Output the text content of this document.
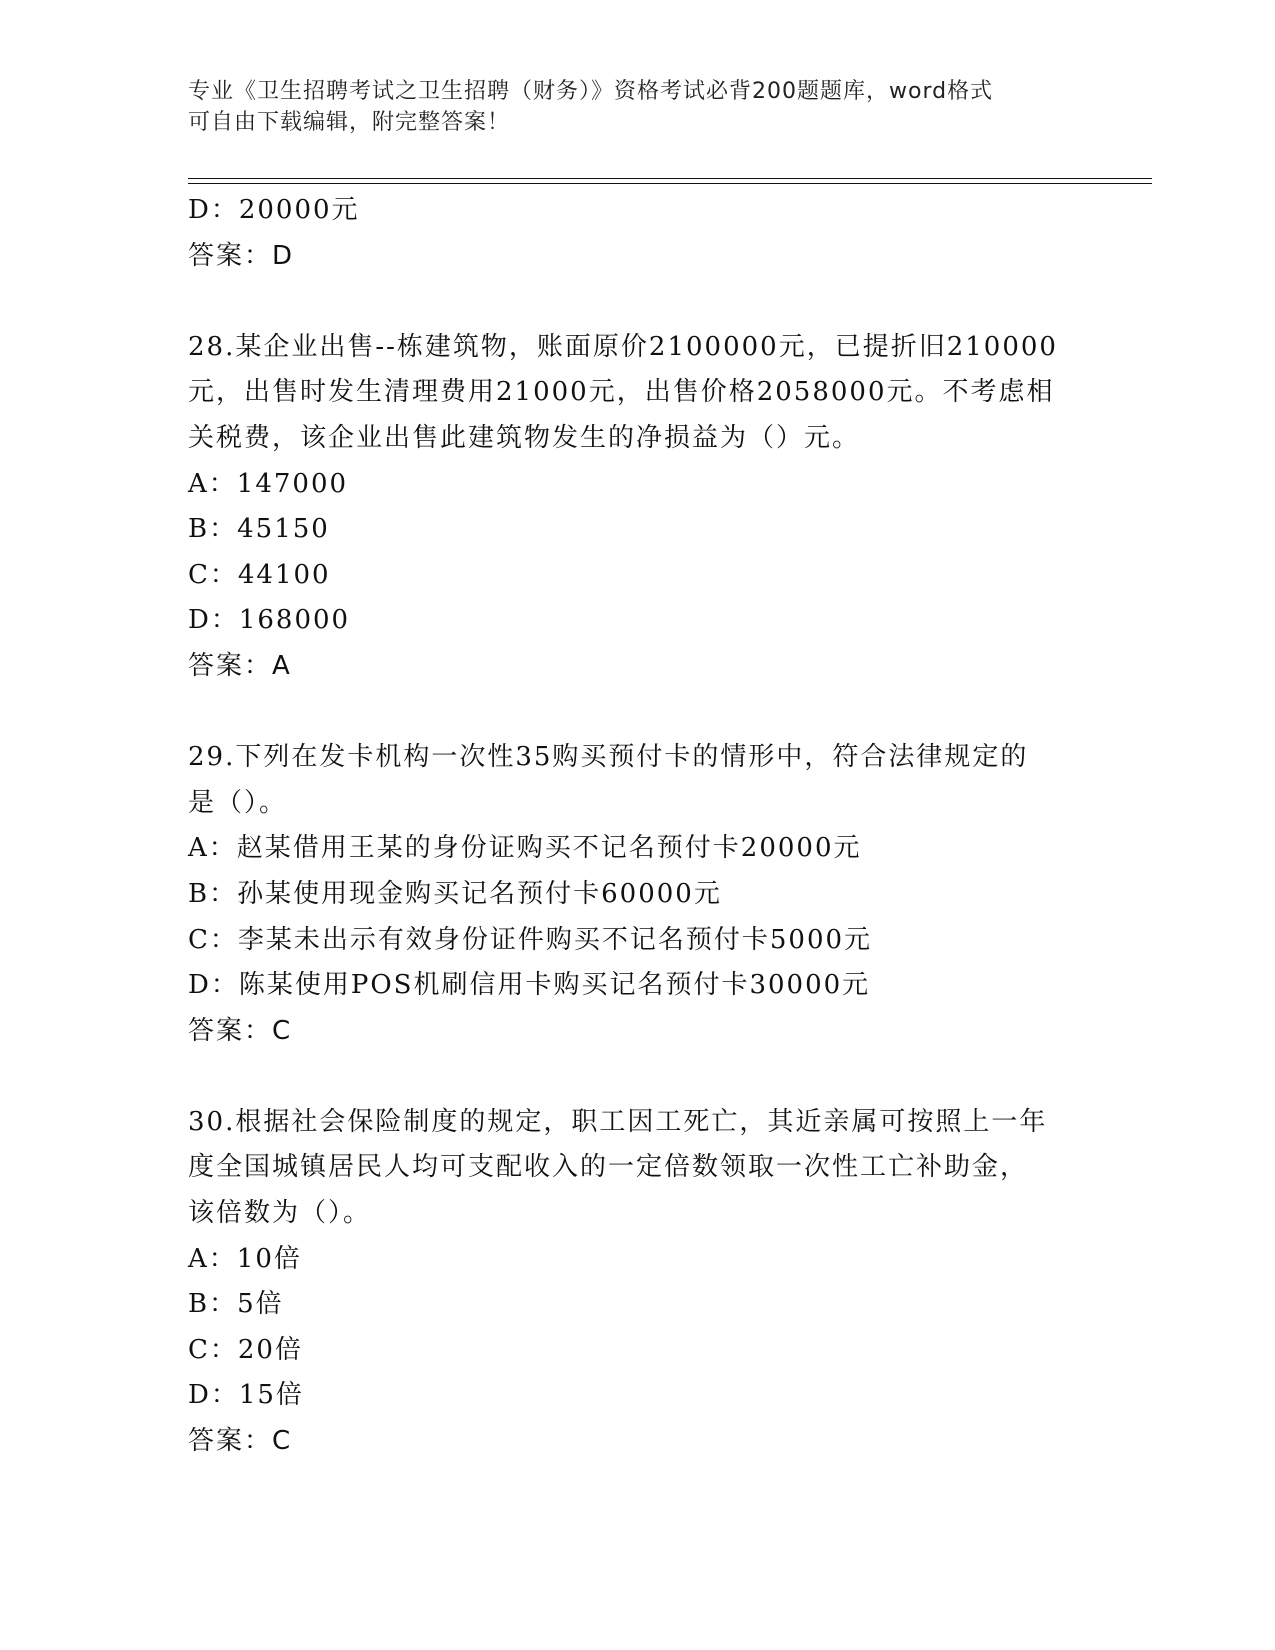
专业《卫生招聘考试之卫生招聘（财务）》资格考试必背200题题库，word格式
可自由下载编辑，附完整答案！
D：20000元
答案：D
28.某企业出售--栋建筑物，账面原价2100000元，已提折旧210000
元，出售时发生清理费用21000元，出售价格2058000元。不考虑相
关税费，该企业出售此建筑物发生的净损益为（）元。
A：147000
B：45150
C：44100
D：168000
答案：A
29.下列在发卡机构一次性35购买预付卡的情形中，符合法律规定的
是（）。
A：赵某借用王某的身份证购买不记名预付卡20000元
B：孙某使用现金购买记名预付卡60000元
C：李某未出示有效身份证件购买不记名预付卡5000元
D：陈某使用POS机刷信用卡购买记名预付卡30000元
答案：C
30.根据社会保险制度的规定，职工因工死亡，其近亲属可按照上一年
度全国城镇居民人均可支配收入的一定倍数领取一次性工亡补助金，
该倍数为（）。
A：10倍
B：5倍
C：20倍
D：15倍
答案：C
